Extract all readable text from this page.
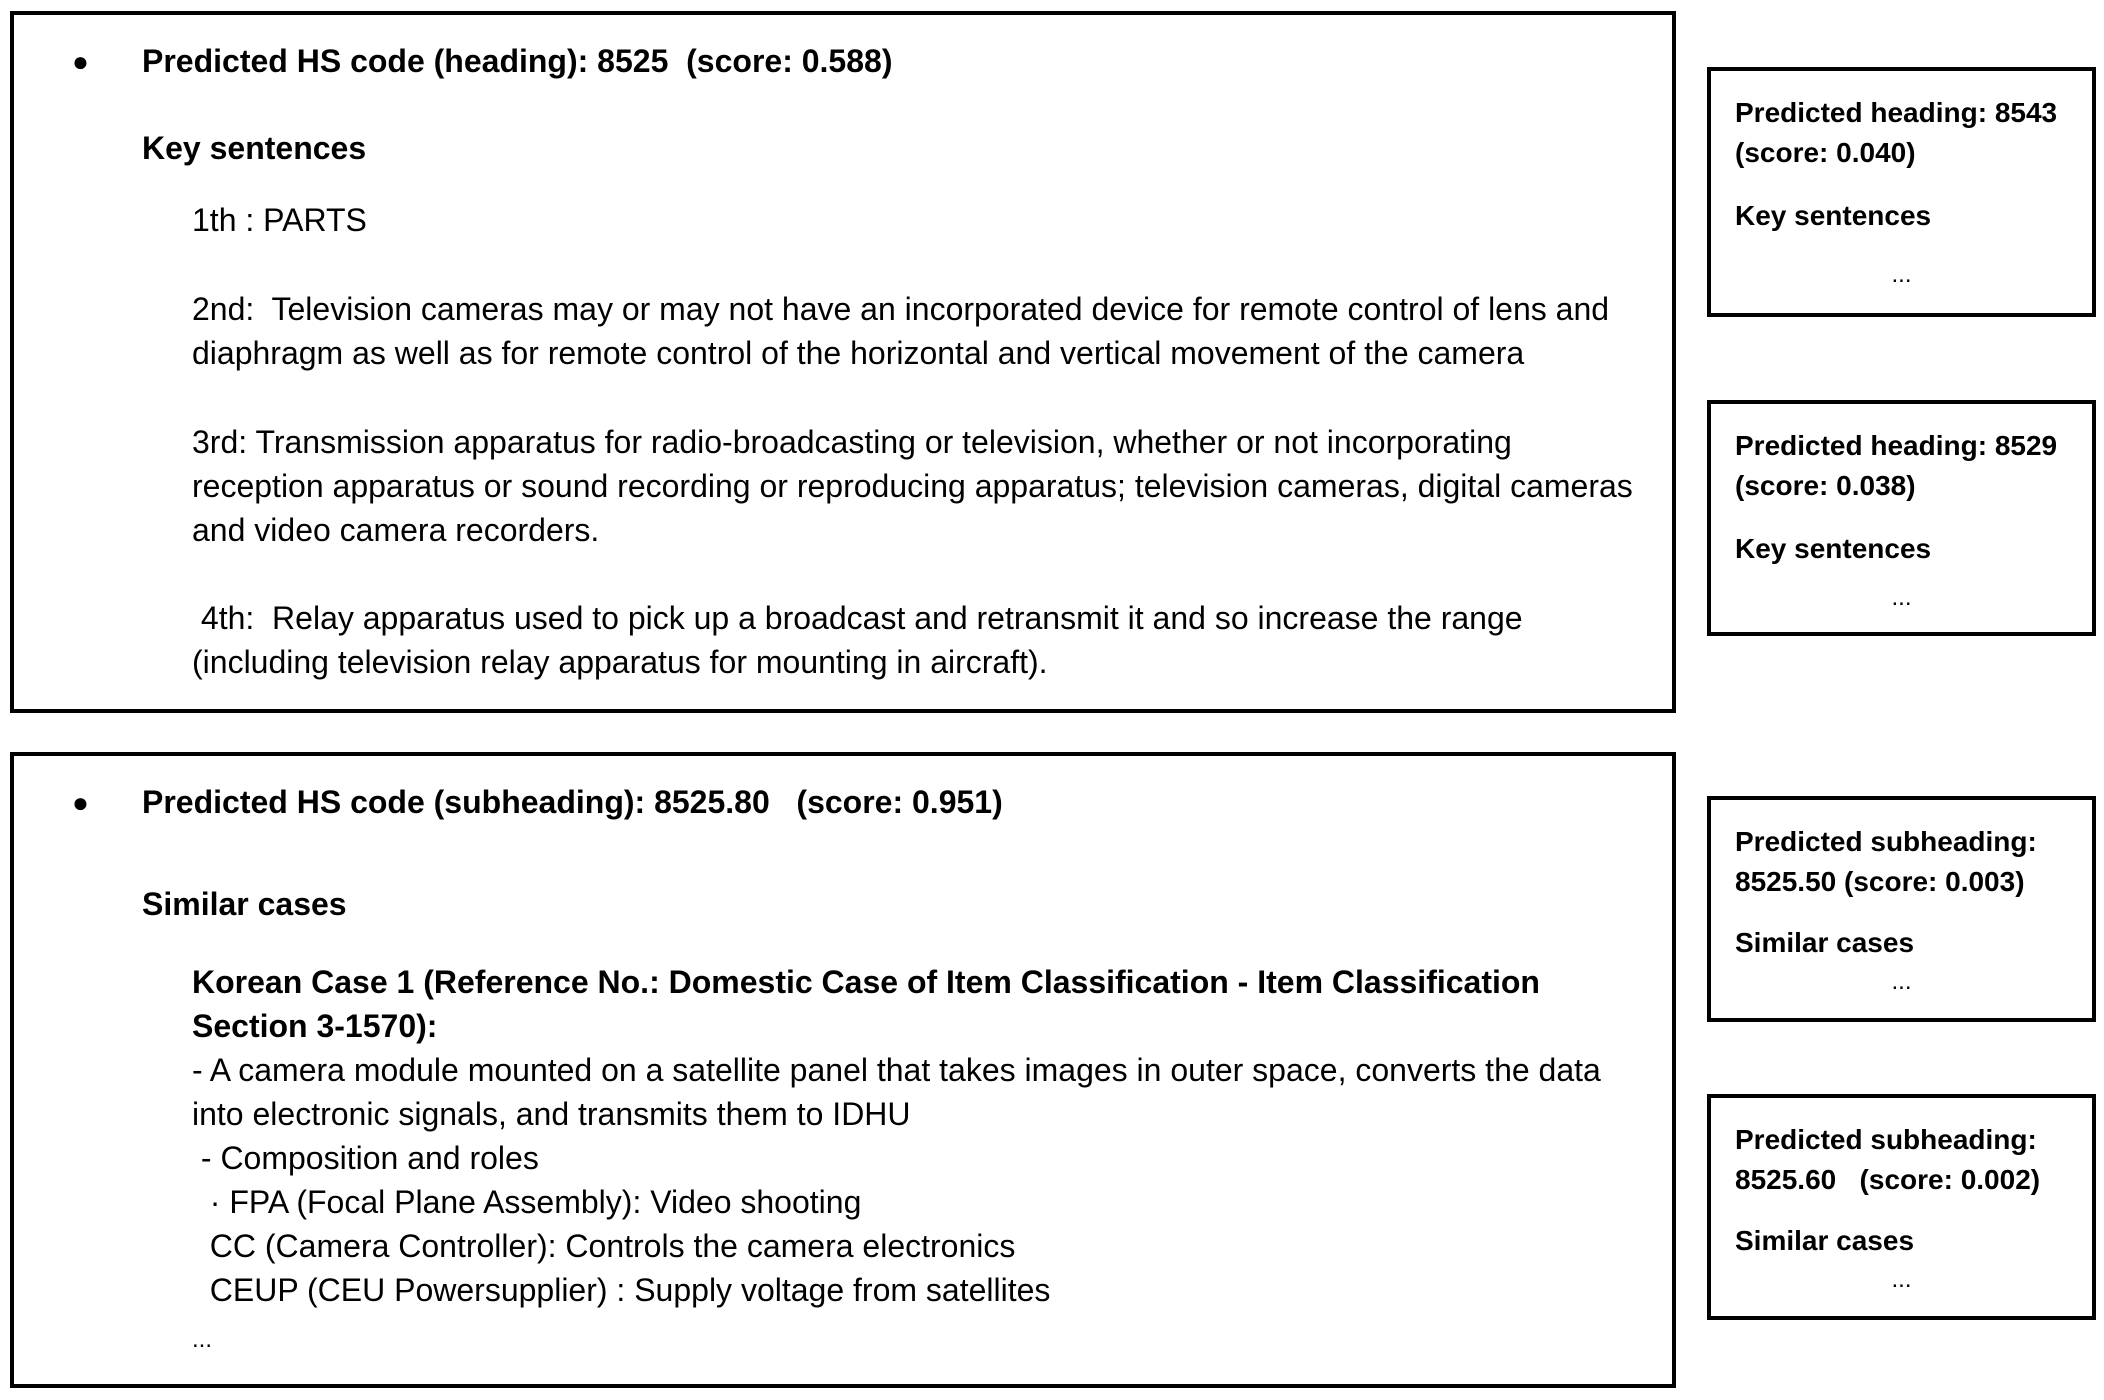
● Predicted HS code (heading): 8525  (score: 0.588)
Key sentences
1th : PARTS
2nd:  Television cameras may or may not have an incorporated device for remote control of lens and
diaphragm as well as for remote control of the horizontal and vertical movement of the camera
3rd: Transmission apparatus for radio-broadcasting or television, whether or not incorporating
reception apparatus or sound recording or reproducing apparatus; television cameras, digital cameras
and video camera recorders.
4th:  Relay apparatus used to pick up a broadcast and retransmit it and so increase the range
(including television relay apparatus for mounting in aircraft).
● Predicted HS code (subheading): 8525.80   (score: 0.951)
Similar cases
Korean Case 1 (Reference No.: Domestic Case of Item Classification - Item Classification
Section 3-1570):
- A camera module mounted on a satellite panel that takes images in outer space, converts the data
into electronic signals, and transmits them to IDHU
- Composition and roles
· FPA (Focal Plane Assembly): Video shooting
CC (Camera Controller): Controls the camera electronics
CEUP (CEU Powersupplier) : Supply voltage from satellites
...
Predicted heading: 8543
(score: 0.040)
Key sentences
...
Predicted heading: 8529
(score: 0.038)
Key sentences
...
Predicted subheading:
8525.50 (score: 0.003)
Similar cases
...
Predicted subheading:
8525.60   (score: 0.002)
Similar cases
...
